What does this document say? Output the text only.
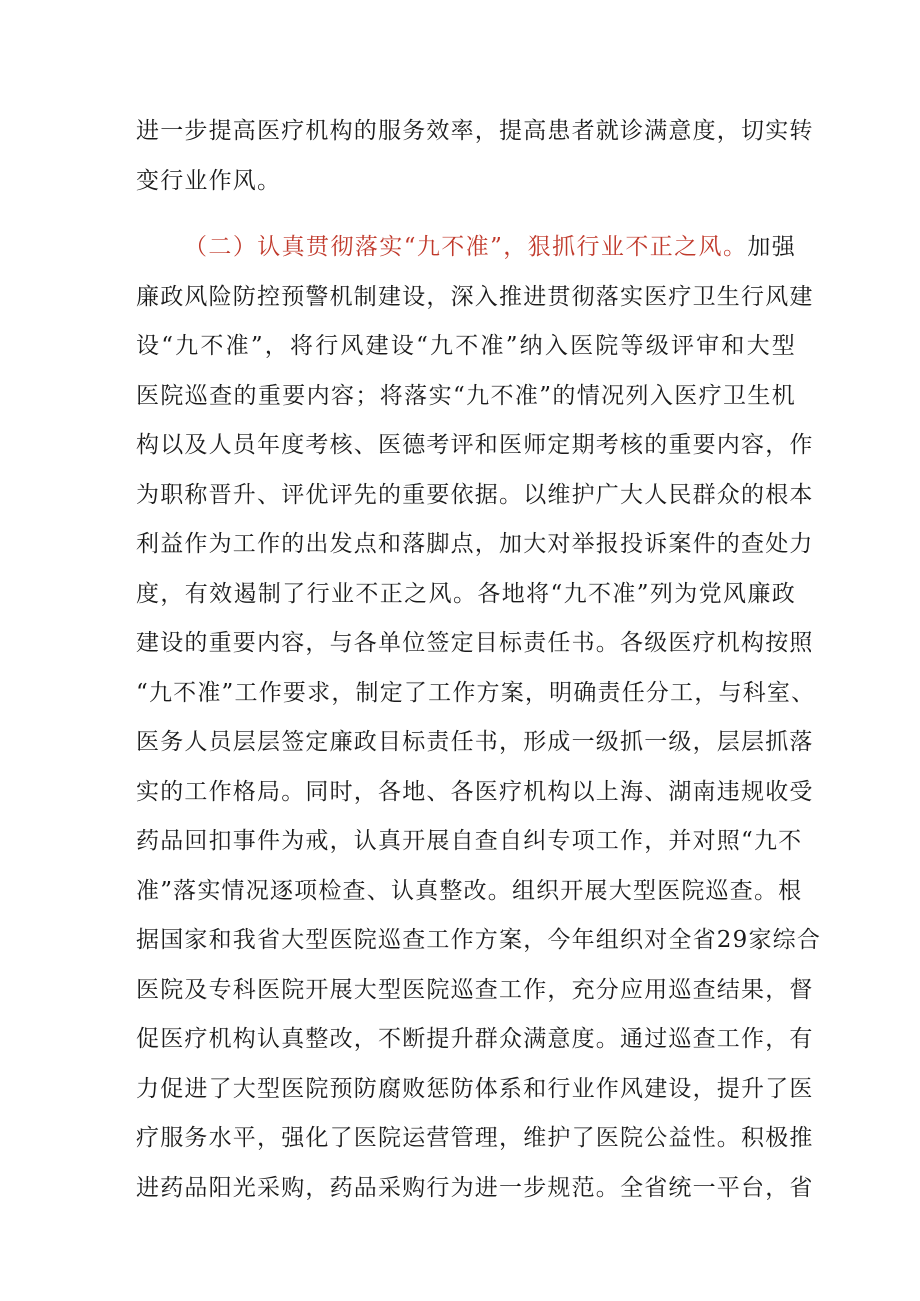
进一步提高医疗机构的服务效率，提高患者就诊满意度，切实转
变行业作风。
（二）认真贯彻落实“九不准”，狠抓行业不正之风。加强
廉政风险防控预警机制建设，深入推进贯彻落实医疗卫生行风建
设“九不准”，将行风建设“九不准”纳入医院等级评审和大型
医院巡查的重要内容；将落实“九不准”的情况列入医疗卫生机
构以及人员年度考核、医德考评和医师定期考核的重要内容，作
为职称晋升、评优评先的重要依据。以维护广大人民群众的根本
利益作为工作的出发点和落脚点，加大对举报投诉案件的查处力
度，有效遏制了行业不正之风。各地将“九不准”列为党风廉政
建设的重要内容，与各单位签定目标责任书。各级医疗机构按照
“九不准”工作要求，制定了工作方案，明确责任分工，与科室、
医务人员层层签定廉政目标责任书，形成一级抓一级，层层抓落
实的工作格局。同时，各地、各医疗机构以上海、湖南违规收受
药品回扣事件为戒，认真开展自查自纠专项工作，并对照“九不
准”落实情况逐项检查、认真整改。组织开展大型医院巡查。根
据国家和我省大型医院巡查工作方案，今年组织对全省29家综合
医院及专科医院开展大型医院巡查工作，充分应用巡查结果，督
促医疗机构认真整改，不断提升群众满意度。通过巡查工作，有
力促进了大型医院预防腐败惩防体系和行业作风建设，提升了医
疗服务水平，强化了医院运营管理，维护了医院公益性。积极推
进药品阳光采购，药品采购行为进一步规范。全省统一平台，省
